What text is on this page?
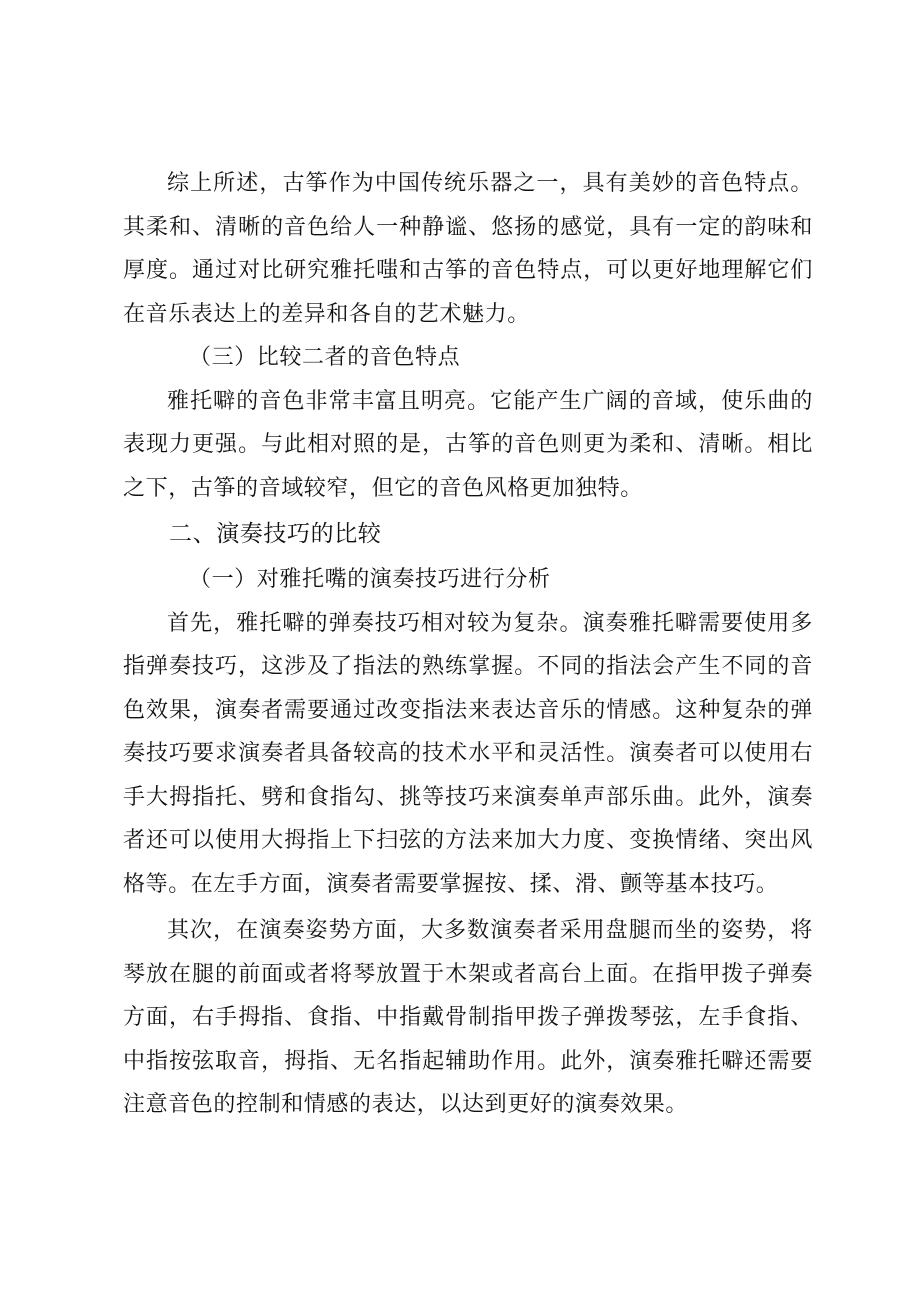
综上所述，古筝作为中国传统乐器之一，具有美妙的音色特点。其柔和、清晰的音色给人一种静谧、悠扬的感觉，具有一定的韵味和厚度。通过对比研究雅托嗤和古筝的音色特点，可以更好地理解它们在音乐表达上的差异和各自的艺术魅力。

（三）比较二者的音色特点

雅托噼的音色非常丰富且明亮。它能产生广阔的音域，使乐曲的表现力更强。与此相对照的是，古筝的音色则更为柔和、清晰。相比之下，古筝的音域较窄，但它的音色风格更加独特。

二、演奏技巧的比较

（一）对雅托嘴的演奏技巧进行分析

首先，雅托噼的弹奏技巧相对较为复杂。演奏雅托噼需要使用多指弹奏技巧，这涉及了指法的熟练掌握。不同的指法会产生不同的音色效果，演奏者需要通过改变指法来表达音乐的情感。这种复杂的弹奏技巧要求演奏者具备较高的技术水平和灵活性。演奏者可以使用右手大拇指托、劈和食指勾、挑等技巧来演奏单声部乐曲。此外，演奏者还可以使用大拇指上下扫弦的方法来加大力度、变换情绪、突出风格等。在左手方面，演奏者需要掌握按、揉、滑、颤等基本技巧。

其次，在演奏姿势方面，大多数演奏者采用盘腿而坐的姿势，将琴放在腿的前面或者将琴放置于木架或者高台上面。在指甲拨子弹奏方面，右手拇指、食指、中指戴骨制指甲拨子弹拨琴弦，左手食指、中指按弦取音，拇指、无名指起辅助作用。此外，演奏雅托噼还需要注意音色的控制和情感的表达，以达到更好的演奏效果。
